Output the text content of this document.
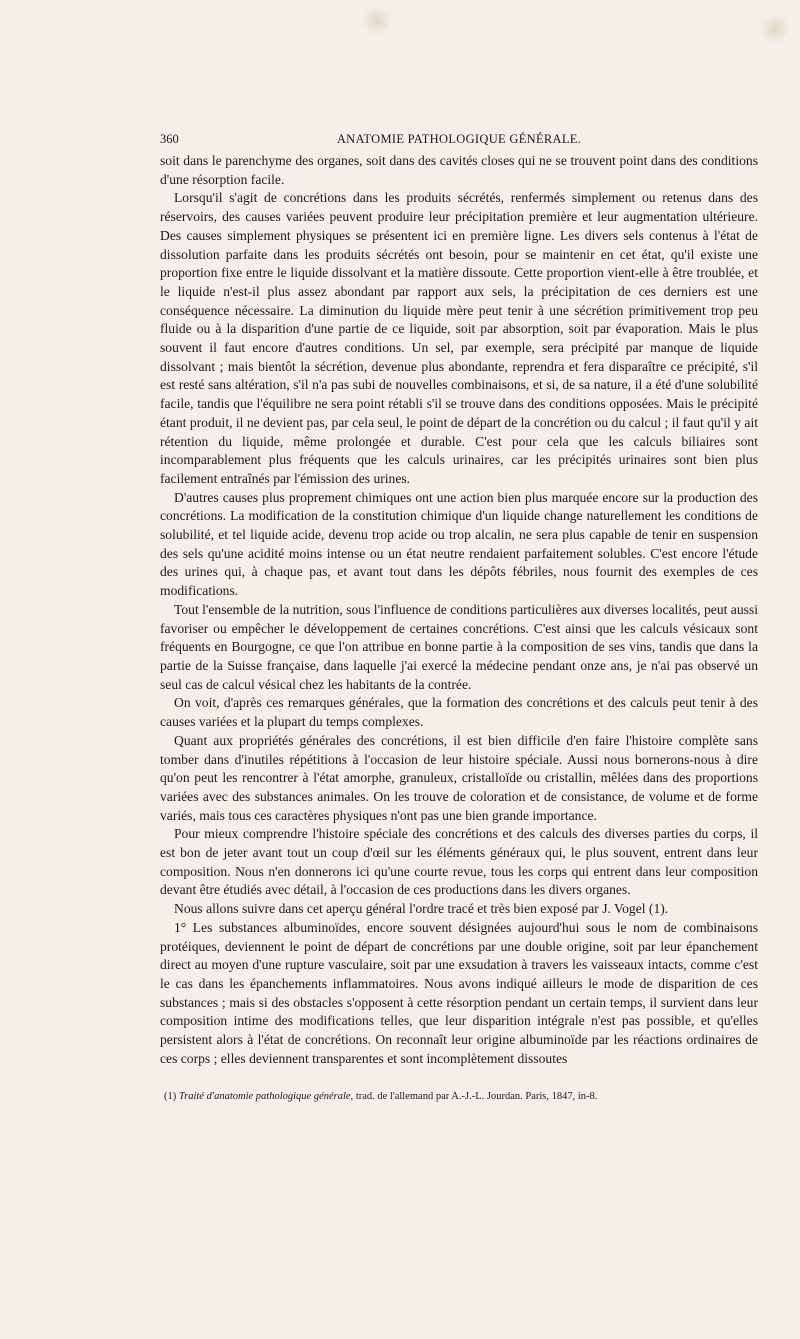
360	ANATOMIE PATHOLOGIQUE GÉNÉRALE.

soit dans le parenchyme des organes, soit dans des cavités closes qui ne se trouvent point dans des conditions d'une résorption facile.

Lorsqu'il s'agit de concrétions dans les produits sécrétés, renfermés simplement ou retenus dans des réservoirs, des causes variées peuvent produire leur précipitation première et leur augmentation ultérieure. Des causes simplement physiques se présentent ici en première ligne. Les divers sels contenus à l'état de dissolution parfaite dans les produits sécrétés ont besoin, pour se maintenir en cet état, qu'il existe une proportion fixe entre le liquide dissolvant et la matière dissoute. Cette proportion vient-elle à être troublée, et le liquide n'est-il plus assez abondant par rapport aux sels, la précipitation de ces derniers est une conséquence nécessaire. La diminution du liquide mère peut tenir à une sécrétion primitivement trop peu fluide ou à la disparition d'une partie de ce liquide, soit par absorption, soit par évaporation. Mais le plus souvent il faut encore d'autres conditions. Un sel, par exemple, sera précipité par manque de liquide dissolvant ; mais bientôt la sécrétion, devenue plus abondante, reprendra et fera disparaître ce précipité, s'il est resté sans altération, s'il n'a pas subi de nouvelles combinaisons, et si, de sa nature, il a été d'une solubilité facile, tandis que l'équilibre ne sera point rétabli s'il se trouve dans des conditions opposées. Mais le précipité étant produit, il ne devient pas, par cela seul, le point de départ de la concrétion ou du calcul ; il faut qu'il y ait rétention du liquide, même prolongée et durable. C'est pour cela que les calculs biliaires sont incomparablement plus fréquents que les calculs urinaires, car les précipités urinaires sont bien plus facilement entraînés par l'émission des urines.

D'autres causes plus proprement chimiques ont une action bien plus marquée encore sur la production des concrétions. La modification de la constitution chimique d'un liquide change naturellement les conditions de solubilité, et tel liquide acide, devenu trop acide ou trop alcalin, ne sera plus capable de tenir en suspension des sels qu'une acidité moins intense ou un état neutre rendaient parfaitement solubles. C'est encore l'étude des urines qui, à chaque pas, et avant tout dans les dépôts fébriles, nous fournit des exemples de ces modifications.

Tout l'ensemble de la nutrition, sous l'influence de conditions particulières aux diverses localités, peut aussi favoriser ou empêcher le développement de certaines concrétions. C'est ainsi que les calculs vésicaux sont fréquents en Bourgogne, ce que l'on attribue en bonne partie à la composition de ses vins, tandis que dans la partie de la Suisse française, dans laquelle j'ai exercé la médecine pendant onze ans, je n'ai pas observé un seul cas de calcul vésical chez les habitants de la contrée.

On voit, d'après ces remarques générales, que la formation des concrétions et des calculs peut tenir à des causes variées et la plupart du temps complexes.

Quant aux propriétés générales des concrétions, il est bien difficile d'en faire l'histoire complète sans tomber dans d'inutiles répétitions à l'occasion de leur histoire spéciale. Aussi nous bornerons-nous à dire qu'on peut les rencontrer à l'état amorphe, granuleux, cristalloïde ou cristallin, mêlées dans des proportions variées avec des substances animales. On les trouve de coloration et de consistance, de volume et de forme variés, mais tous ces caractères physiques n'ont pas une bien grande importance.

Pour mieux comprendre l'histoire spéciale des concrétions et des calculs des diverses parties du corps, il est bon de jeter avant tout un coup d'œil sur les éléments généraux qui, le plus souvent, entrent dans leur composition. Nous n'en donnerons ici qu'une courte revue, tous les corps qui entrent dans leur composition devant être étudiés avec détail, à l'occasion de ces productions dans les divers organes.

Nous allons suivre dans cet aperçu général l'ordre tracé et très bien exposé par J. Vogel (1).

1° Les substances albuminoïdes, encore souvent désignées aujourd'hui sous le nom de combinaisons protéiques, deviennent le point de départ de concrétions par une double origine, soit par leur épanchement direct au moyen d'une rupture vasculaire, soit par une exsudation à travers les vaisseaux intacts, comme c'est le cas dans les épanchements inflammatoires. Nous avons indiqué ailleurs le mode de disparition de ces substances ; mais si des obstacles s'opposent à cette résorption pendant un certain temps, il survient dans leur composition intime des modifications telles, que leur disparition intégrale n'est pas possible, et qu'elles persistent alors à l'état de concrétions. On reconnaît leur origine albuminoïde par les réactions ordinaires de ces corps ; elles deviennent transparentes et sont incomplètement dissoutes

(1) Traité d'anatomie pathologique générale, trad. de l'allemand par A.-J.-L. Jourdan. Paris, 1847, in-8.
